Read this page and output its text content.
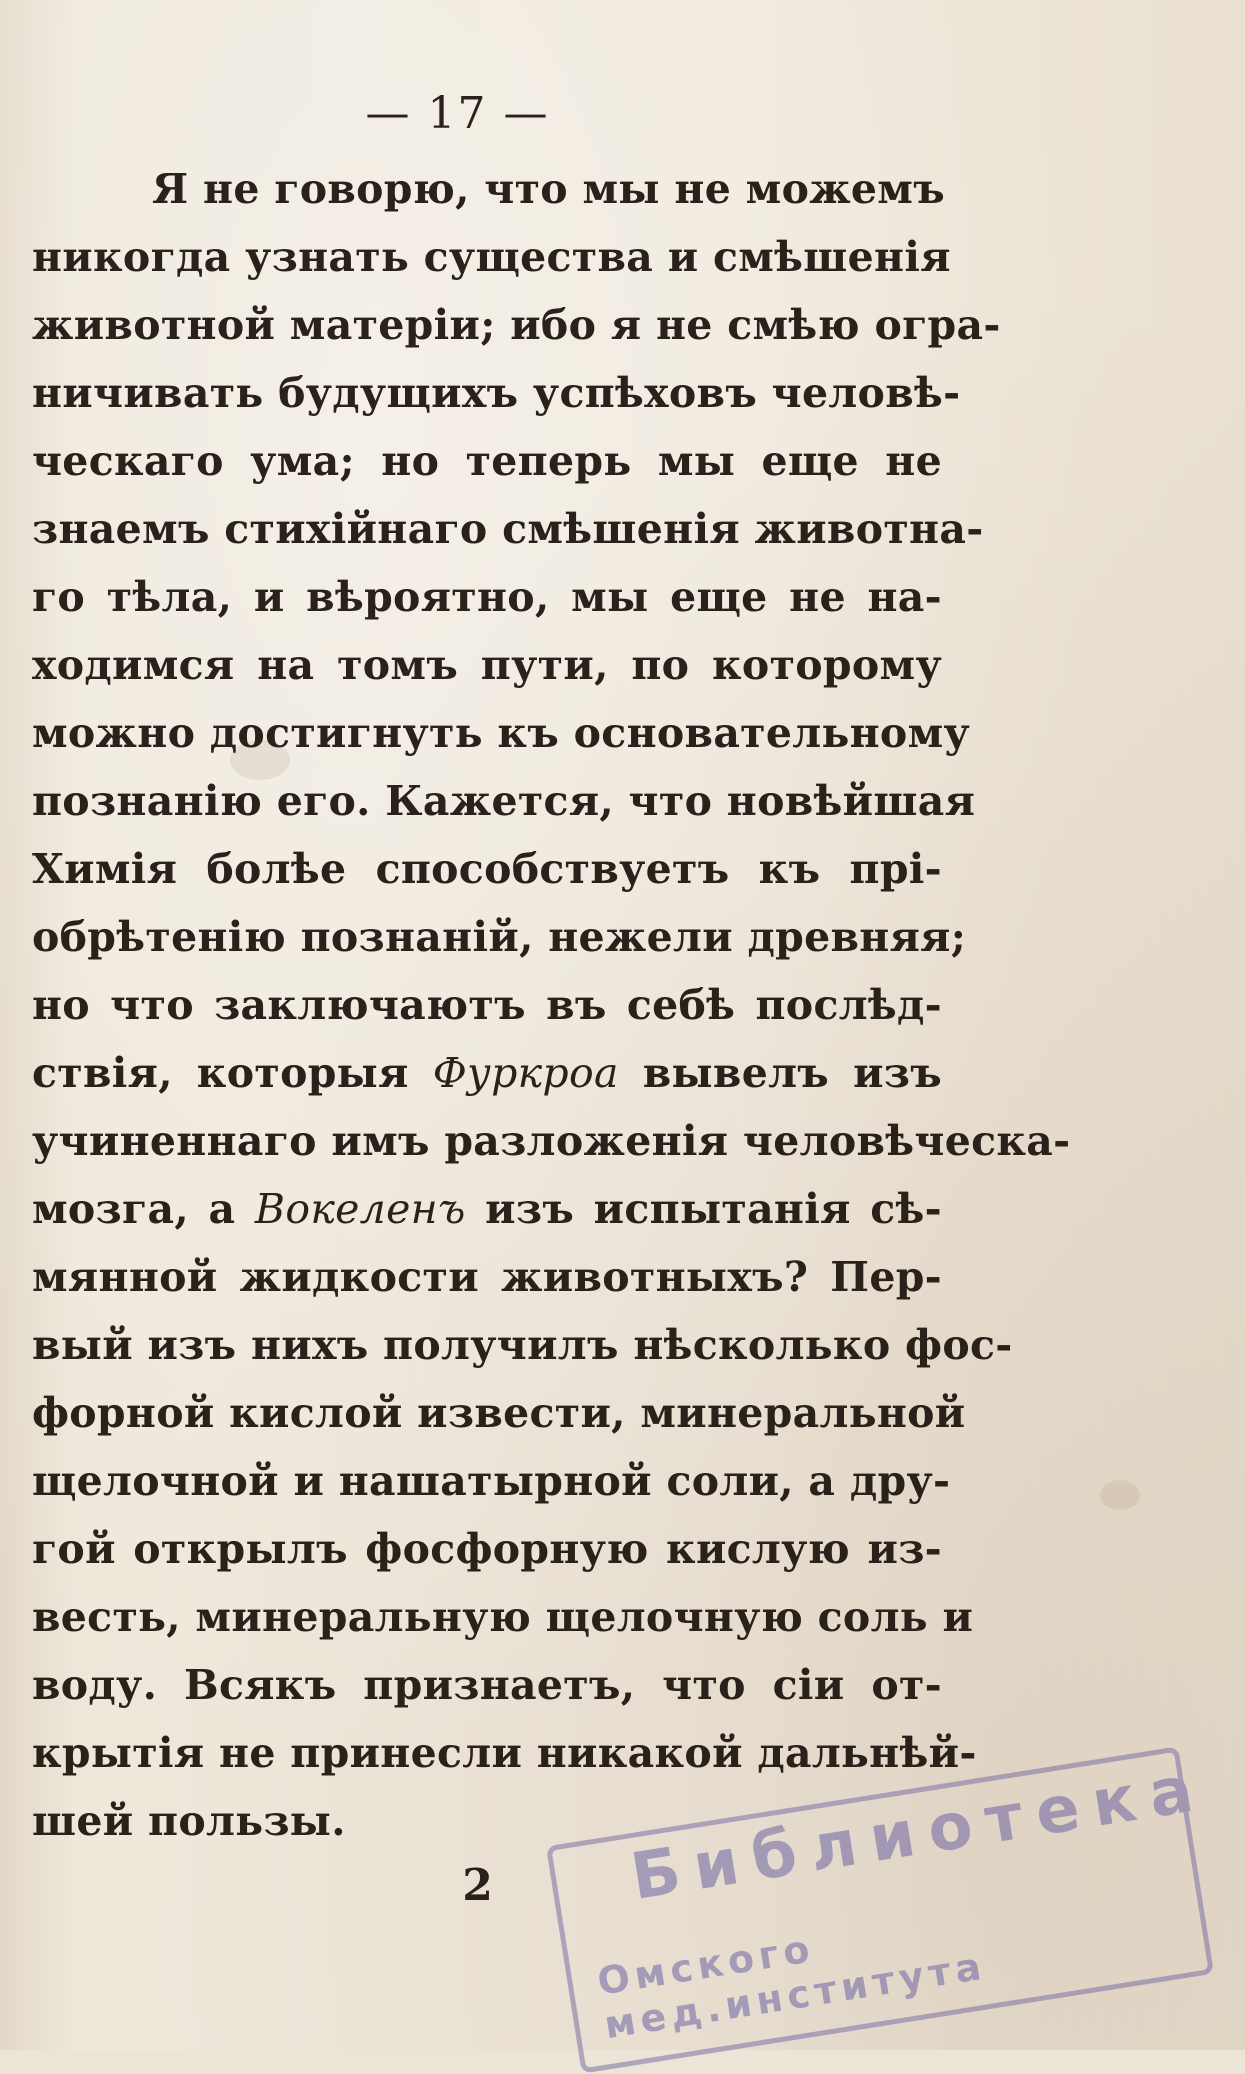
— 17 —
Я не говорю, что мы не можемъ
никогда узнать существа и смѣшенія
животной матеріи; ибо я не смѣю огра-
ничивать будущихъ успѣховъ человѣ-
ческаго ума; но теперь мы еще не
знаемъ стихійнаго смѣшенія животна-
го тѣла, и вѣроятно, мы еще не на-
ходимся на томъ пути, по которому
можно достигнуть къ основательному
познанію его. Кажется, что новѣйшая
Химія болѣе способствуетъ къ прі-
обрѣтенію познаній, нежели древняя;
но что заключаютъ въ себѣ послѣд-
ствія, которыя Фуркроа вывелъ изъ
учиненнаго имъ разложенія человѣческа-
мозга, а Вокеленъ изъ испытанія сѣ-
мянной жидкости животныхъ? Пер-
вый изъ нихъ получилъ нѣсколько фос-
форной кислой извести, минеральной
щелочной и нашатырной соли, а дру-
гой открылъ фосфорную кислую из-
весть, минеральную щелочную соль и
воду. Всякъ признаетъ, что сіи от-
крытія не принесли никакой дальнѣй-
шей пользы.
2	Библиотека
Омского мед.института
